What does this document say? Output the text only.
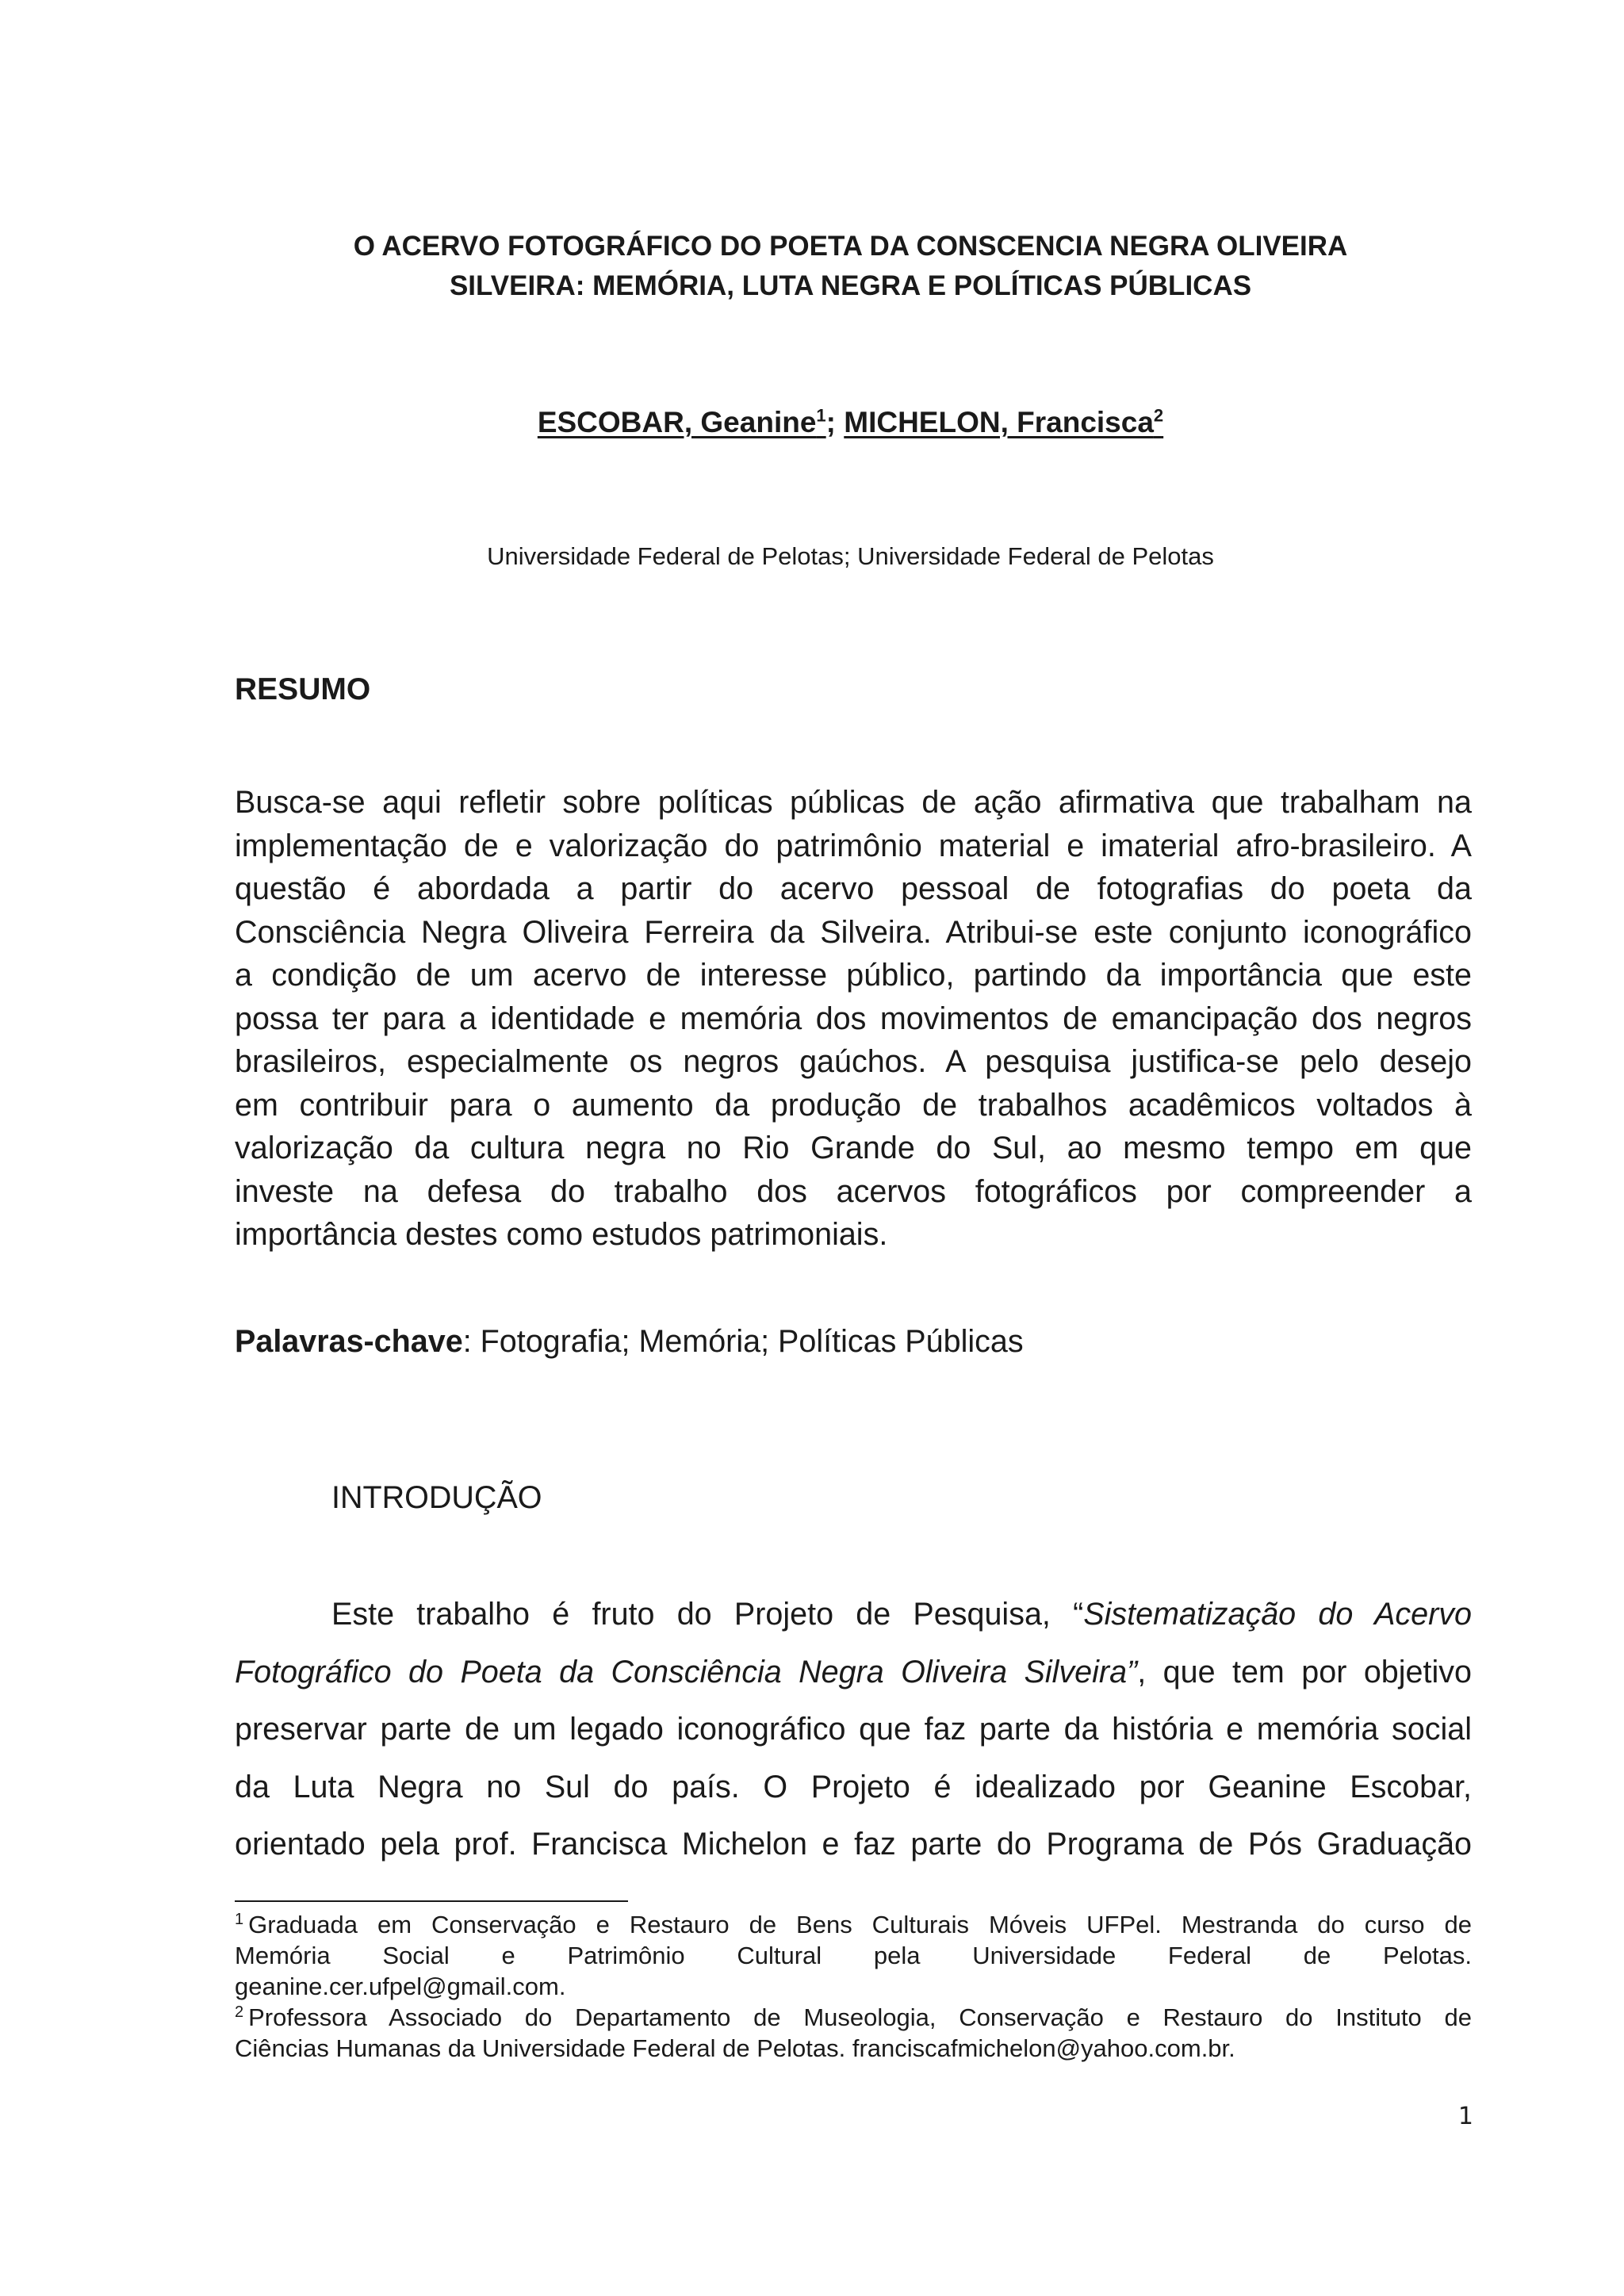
O ACERVO FOTOGRÁFICO DO POETA DA CONSCENCIA NEGRA OLIVEIRA
SILVEIRA: MEMÓRIA, LUTA NEGRA E POLÍTICAS PÚBLICAS
ESCOBAR, Geanine$^1$; MICHELON, Francisca$^2$
Universidade Federal de Pelotas; Universidade Federal de Pelotas
RESUMO
Busca-se aqui refletir sobre políticas públicas de ação afirmativa que trabalham na
implementação de e valorização do patrimônio material e imaterial afro-brasileiro. A
questão é abordada a partir do acervo pessoal de fotografias do poeta da
Consciência Negra Oliveira Ferreira da Silveira. Atribui-se este conjunto iconográfico
a condição de um acervo de interesse público, partindo da importância que este
possa ter para a identidade e memória dos movimentos de emancipação dos negros
brasileiros, especialmente os negros gaúchos. A pesquisa justifica-se pelo desejo
em contribuir para o aumento da produção de trabalhos acadêmicos voltados à
valorização da cultura negra no Rio Grande do Sul, ao mesmo tempo em que
investe na defesa do trabalho dos acervos fotográficos por compreender a
importância destes como estudos patrimoniais.
Palavras-chave: Fotografia; Memória; Políticas Públicas
INTRODUÇÃO
Este trabalho é fruto do Projeto de Pesquisa, “Sistematização do Acervo
Fotográfico do Poeta da Consciência Negra Oliveira Silveira”, que tem por objetivo
preservar parte de um legado iconográfico que faz parte da história e memória social
da Luta Negra no Sul do país. O Projeto é idealizado por Geanine Escobar,
orientado pela prof. Francisca Michelon e faz parte do Programa de Pós Graduação
$^1$ Graduada em Conservação e Restauro de Bens Culturais Móveis UFPel. Mestranda do curso de
Memória Social e Patrimônio Cultural pela Universidade Federal de Pelotas.
geanine.cer.ufpel@gmail.com.
$^2$ Professora Associado do Departamento de Museologia, Conservação e Restauro do Instituto de
Ciências Humanas da Universidade Federal de Pelotas. franciscafmichelon@yahoo.com.br.
1
